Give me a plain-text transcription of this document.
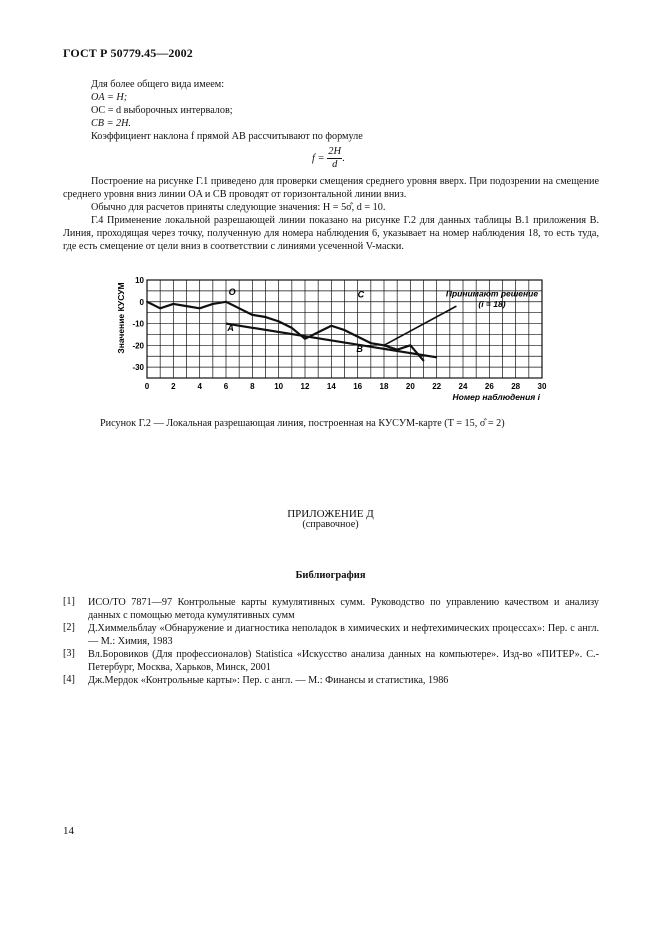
ГОСТ Р 50779.45—2002
Для более общего вида имеем:
OA = H;
OC = d выборочных интервалов;
CB = 2H.
Коэффициент наклона f прямой AB рассчитывают по формуле
$f = \frac{2H}{d}$ .
Построение на рисунке Г.1 приведено для проверки смещения среднего уровня вверх. При подозрении на смещение среднего уровня вниз линии OA и CB проводят от горизонтальной линии вниз.
Обычно для расчетов приняты следующие значения: H = 5σ̂, d = 10.
Г.4 Применение локальной разрешающей линии показано на рисунке Г.2 для данных таблицы В.1 приложения В. Линия, проходящая через точку, полученную для номера наблюдения 6, указывает на номер наблюдения 18, то есть туда, где есть смещение от цели вниз в соответствии с линиями усеченной V-маски.
0	2	4	6	8 10 12 14 16 18 20 22 24 26 28 30
10
0
-10
-20
-30
O
A
C
B
Принимают решение
(i = 18)
Значение КУСУМ
Номер наблюдения i
Рисунок Г.2 — Локальная разрешающая линия, построенная на КУСУМ-карте (T = 15, σ̂ = 2)
ПРИЛОЖЕНИЕ Д
(справочное)
Библиография
[1] ИСО/ТО 7871—97 Контрольные карты кумулятивных сумм. Руководство по управлению качеством и анализу данных с помощью метода кумулятивных сумм
[2] Д.Химмельблау «Обнаружение и диагностика неполадок в химических и нефтехимических процессах»: Пер. с англ. — М.: Химия, 1983
[3] Вл.Боровиков (Для профессионалов) Statistica «Искусство анализа данных на компьютере». Изд-во «ПИТЕР». С.-Петербург, Москва, Харьков, Минск, 2001
[4] Дж.Мердок «Контрольные карты»: Пер. с англ. — М.: Финансы и статистика, 1986
14
